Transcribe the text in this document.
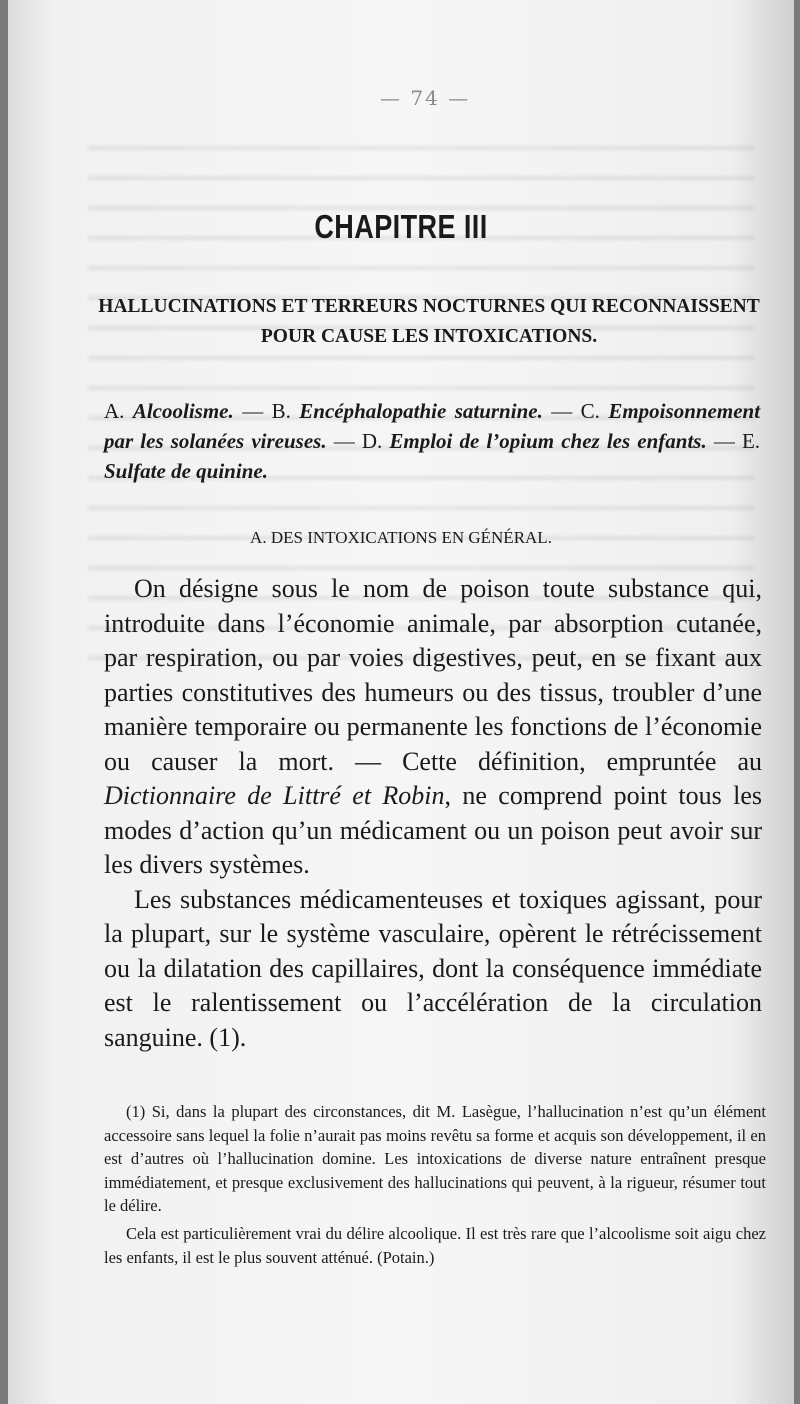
— 74 —
CHAPITRE III
HALLUCINATIONS ET TERREURS NOCTURNES QUI RECONNAISSENT POUR CAUSE LES INTOXICATIONS.
A. Alcoolisme. — B. Encéphalopathie saturnine. — C. Empoisonnement par les solanées vireuses. — D. Emploi de l’opium chez les enfants. — E. Sulfate de quinine.
A. DES INTOXICATIONS EN GÉNÉRAL.

On désigne sous le nom de poison toute substance qui, introduite dans l’économie animale, par absorption cutanée, par respiration, ou par voies digestives, peut, en se fixant aux parties constitutives des humeurs ou des tissus, troubler d’une manière temporaire ou permanente les fonctions de l’économie ou causer la mort. — Cette définition, empruntée au Dictionnaire de Littré et Robin, ne comprend point tous les modes d’action qu’un médicament ou un poison peut avoir sur les divers systèmes.

Les substances médicamenteuses et toxiques agissant, pour la plupart, sur le système vasculaire, opèrent le rétrécissement ou la dilatation des capillaires, dont la conséquence immédiate est le ralentissement ou l’accélération de la circulation sanguine. (1).

(1) Si, dans la plupart des circonstances, dit M. Lasègue, l’hallucination n’est qu’un élément accessoire sans lequel la folie n’aurait pas moins revêtu sa forme et acquis son développement, il en est d’autres où l’hallucination domine. Les intoxications de diverse nature entraînent presque immédiatement, et presque exclusivement des hallucinations qui peuvent, à la rigueur, résumer tout le délire.

Cela est particulièrement vrai du délire alcoolique. Il est très rare que l’alcoolisme soit aigu chez les enfants, il est le plus souvent atténué. (Potain.)
